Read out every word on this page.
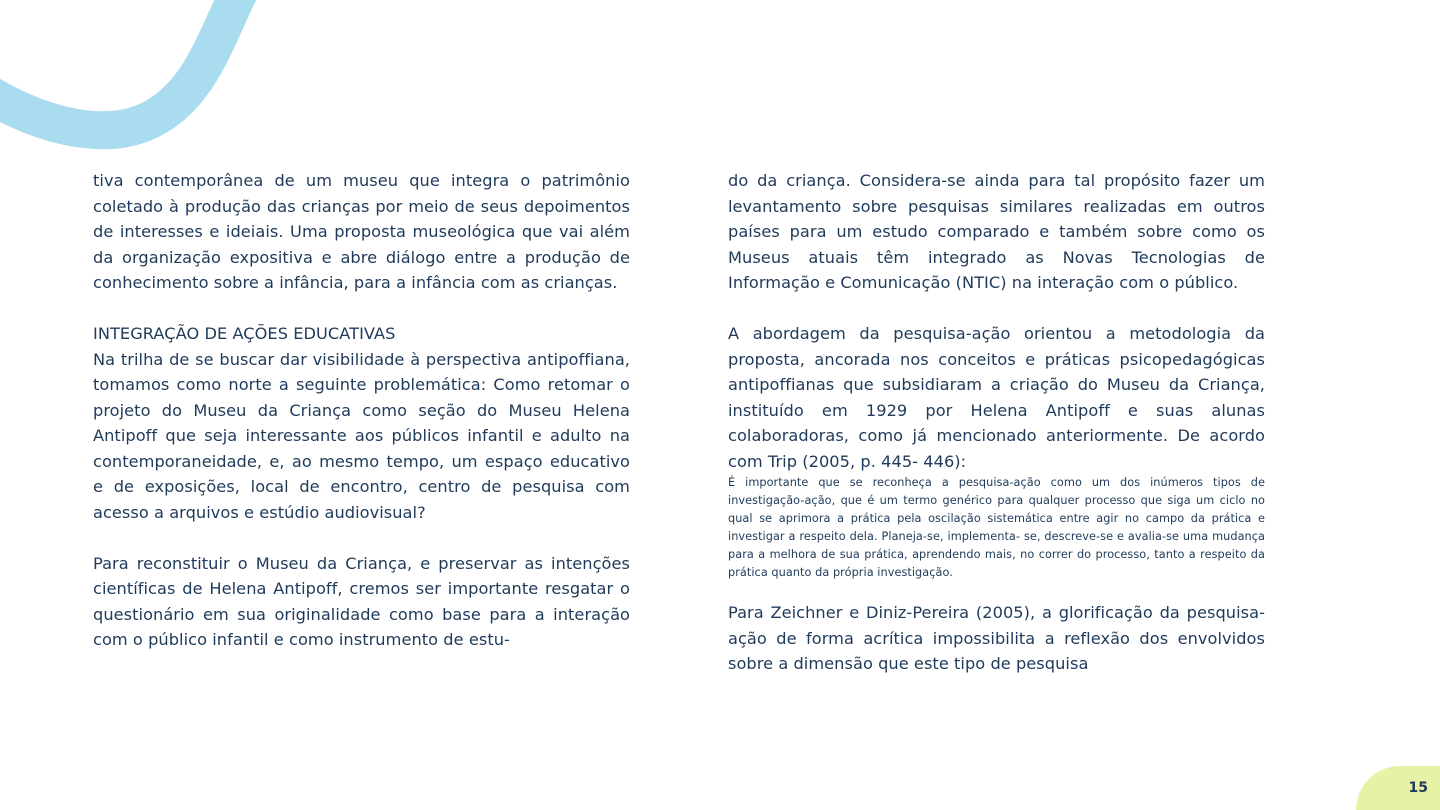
tiva contemporânea de um museu que integra o patrimônio coletado à produção das crianças por meio de seus depoimentos de interesses e ideiais. Uma proposta museológica que vai além da organização expositiva e abre diálogo entre a produção de conhecimento sobre a infância, para a infância com as crianças.

INTEGRAÇÃO DE AÇÕES EDUCATIVAS

Na trilha de se buscar dar visibilidade à perspectiva antipoffiana, tomamos como norte a seguinte problemática: Como retomar o projeto do Museu da Criança como seção do Museu Helena Antipoff que seja interessante aos públicos infantil e adulto na contemporaneidade, e, ao mesmo tempo, um espaço educativo e de exposições, local de encontro, centro de pesquisa com acesso a arquivos e estúdio audiovisual?

Para reconstituir o Museu da Criança, e preservar as intenções científicas de Helena Antipoff, cremos ser importante resgatar o questionário em sua originalidade como base para a interação com o público infantil e como instrumento de estu-

do da criança. Considera-se ainda para tal propósito fazer um levantamento sobre pesquisas similares realizadas em outros países para um estudo comparado e também sobre como os Museus atuais têm integrado as Novas Tecnologias de Informação e Comunicação (NTIC) na interação com o público.

A abordagem da pesquisa-ação orientou a metodologia da proposta, ancorada nos conceitos e práticas psicopedagógicas antipoffianas que subsidiaram a criação do Museu da Criança, instituído em 1929 por Helena Antipoff e suas alunas colaboradoras, como já mencionado anteriormente. De acordo com Trip (2005, p. 445- 446):

É importante que se reconheça a pesquisa-ação como um dos inúmeros tipos de investigação-ação, que é um termo genérico para qualquer processo que siga um ciclo no qual se aprimora a prática pela oscilação sistemática entre agir no campo da prática e investigar a respeito dela. Planeja-se, implementa- se, descreve-se e avalia-se uma mudança para a melhora de sua prática, aprendendo mais, no correr do processo, tanto a respeito da prática quanto da própria investigação.

Para Zeichner e Diniz-Pereira (2005), a glorificação da pesquisa-ação de forma acrítica impossibilita a reflexão dos envolvidos sobre a dimensão que este tipo de pesquisa

15
